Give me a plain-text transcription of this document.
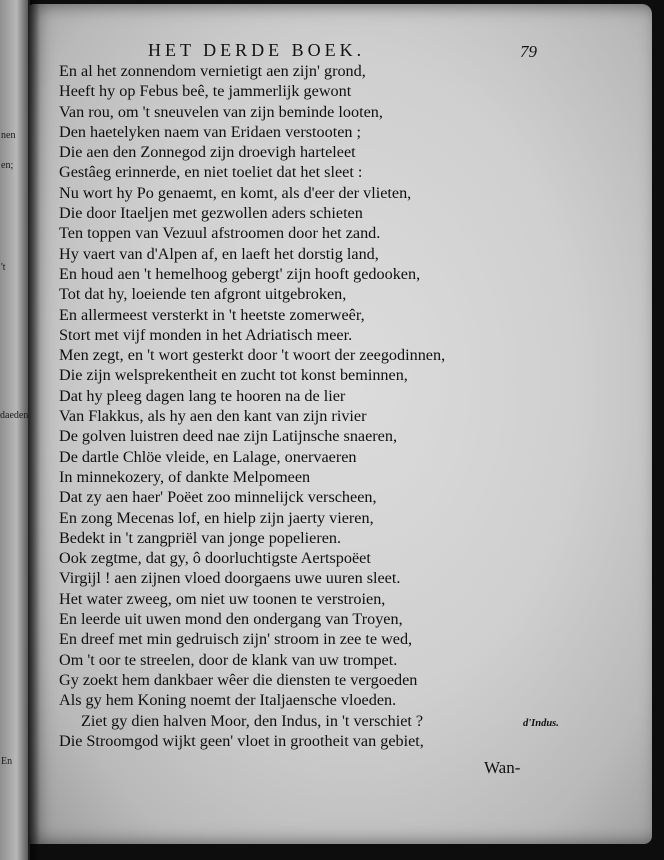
nen
en;
't
daeden
En
HET DERDE BOEK.	79
En al het zonnendom vernietigt aen zijn' grond,
Heeft hy op Febus beê, te jammerlijk gewont
Van rou, om 't sneuvelen van zijn beminde looten,
Den haetelyken naem van Eridaen verstooten ;
Die aen den Zonnegod zijn droevigh harteleet
Gestâeg erinnerde, en niet toeliet dat het sleet :
Nu wort hy Po genaemt, en komt, als d'eer der vlieten,
Die door Itaeljen met gezwollen aders schieten
Ten toppen van Vezuul afstroomen door het zand.
Hy vaert van d'Alpen af, en laeft het dorstig land,
En houd aen 't hemelhoog gebergt' zijn hooft gedooken,
Tot dat hy, loeiende ten afgront uitgebroken,
En allermeest versterkt in 't heetste zomerweêr,
Stort met vijf monden in het Adriatisch meer.
Men zegt, en 't wort gesterkt door 't woort der zeegodinnen,
Die zijn welsprekentheit en zucht tot konst beminnen,
Dat hy pleeg dagen lang te hooren na de lier
Van Flakkus, als hy aen den kant van zijn rivier
De golven luistren deed nae zijn Latijnsche snaeren,
De dartle Chlöe vleide, en Lalage, onervaeren
In minnekozery, of dankte Melpomeen
Dat zy aen haer' Poëet zoo minnelijck verscheen,
En zong Mecenas lof, en hielp zijn jaerty vieren,
Bedekt in 't zangpriël van jonge popelieren.
Ook zegtme, dat gy, ô doorluchtigste Aertspoëet
Virgijl ! aen zijnen vloed doorgaens uwe uuren sleet.
Het water zweeg, om niet uw toonen te verstroien,
En leerde uit uwen mond den ondergang van Troyen,
En dreef met min gedruisch zijn' stroom in zee te wed,
Om 't oor te streelen, door de klank van uw trompet.
Gy zoekt hem dankbaer wêer die diensten te vergoeden
Als gy hem Koning noemt der Italjaensche vloeden.
Ziet gy dien halven Moor, den Indus, in 't verschiet ?
Die Stroomgod wijkt geen' vloet in grootheit van gebiet,
d'Indus.
Wan-
